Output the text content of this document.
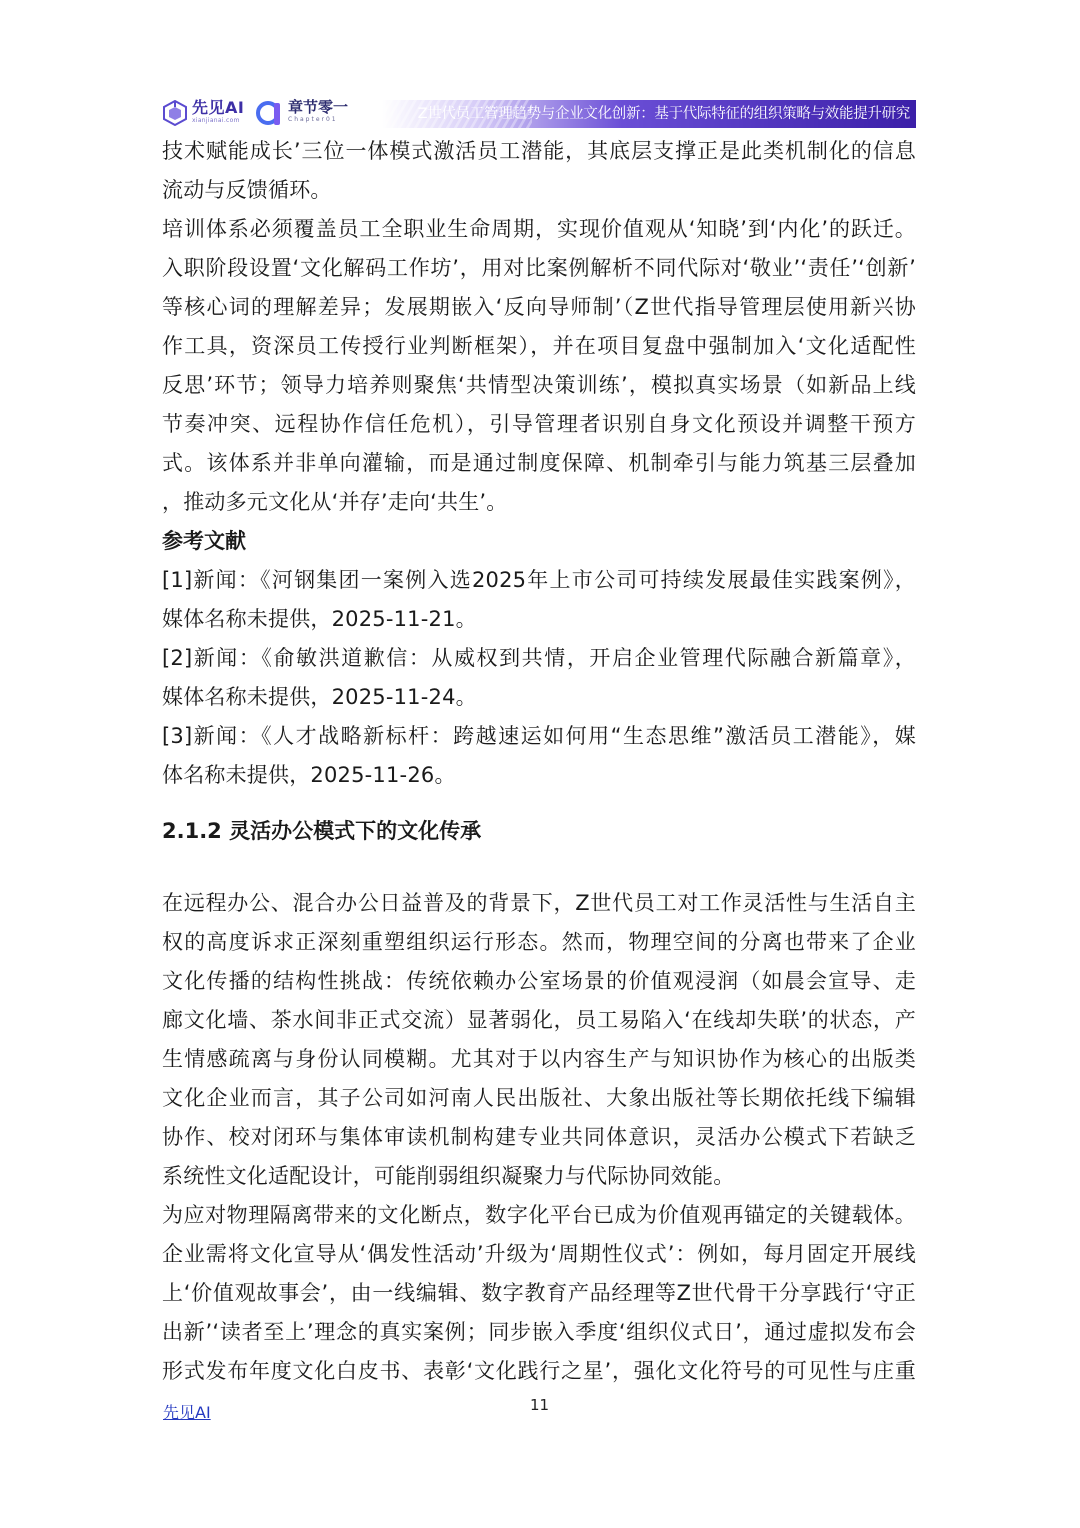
先见AI
xianjianai.com
章节零一
Chapter01	Z世代员工管理趋势与企业文化创新：基于代际特征的组织策略与效能提升研究

技术赋能成长’三位一体模式激活员工潜能，其底层支撑正是此类机制化的信息

流动与反馈循环。

培训体系必须覆盖员工全职业生命周期，实现价值观从‘知晓’到‘内化’的跃迁。

入职阶段设置‘文化解码工作坊’，用对比案例解析不同代际对‘敬业’‘责任’‘创新’

等核心词的理解差异；发展期嵌入‘反向导师制’（Z世代指导管理层使用新兴协

作工具，资深员工传授行业判断框架），并在项目复盘中强制加入‘文化适配性

反思’环节；领导力培养则聚焦‘共情型决策训练’，模拟真实场景（如新品上线

节奏冲突、远程协作信任危机），引导管理者识别自身文化预设并调整干预方

式。该体系并非单向灌输，而是通过制度保障、机制牵引与能力筑基三层叠加

，推动多元文化从‘并存’走向‘共生’。

参考文献

[1]新闻：《河钢集团一案例入选2025年上市公司可持续发展最佳实践案例》，

媒体名称未提供，2025-11-21。

[2]新闻：《俞敏洪道歉信：从威权到共情，开启企业管理代际融合新篇章》，

媒体名称未提供，2025-11-24。

[3]新闻：《人才战略新标杆：跨越速运如何用“生态思维”激活员工潜能》，媒

体名称未提供，2025-11-26。

2.1.2 灵活办公模式下的文化传承

在远程办公、混合办公日益普及的背景下，Z世代员工对工作灵活性与生活自主

权的高度诉求正深刻重塑组织运行形态。然而，物理空间的分离也带来了企业

文化传播的结构性挑战：传统依赖办公室场景的价值观浸润（如晨会宣导、走

廊文化墙、茶水间非正式交流）显著弱化，员工易陷入‘在线却失联’的状态，产

生情感疏离与身份认同模糊。尤其对于以内容生产与知识协作为核心的出版类

文化企业而言，其子公司如河南人民出版社、大象出版社等长期依托线下编辑

协作、校对闭环与集体审读机制构建专业共同体意识，灵活办公模式下若缺乏

系统性文化适配设计，可能削弱组织凝聚力与代际协同效能。

为应对物理隔离带来的文化断点，数字化平台已成为价值观再锚定的关键载体。

企业需将文化宣导从‘偶发性活动’升级为‘周期性仪式’：例如，每月固定开展线

上‘价值观故事会’，由一线编辑、数字教育产品经理等Z世代骨干分享践行‘守正

出新’‘读者至上’理念的真实案例；同步嵌入季度‘组织仪式日’，通过虚拟发布会

形式发布年度文化白皮书、表彰‘文化践行之星’，强化文化符号的可见性与庄重

先见AI	11
